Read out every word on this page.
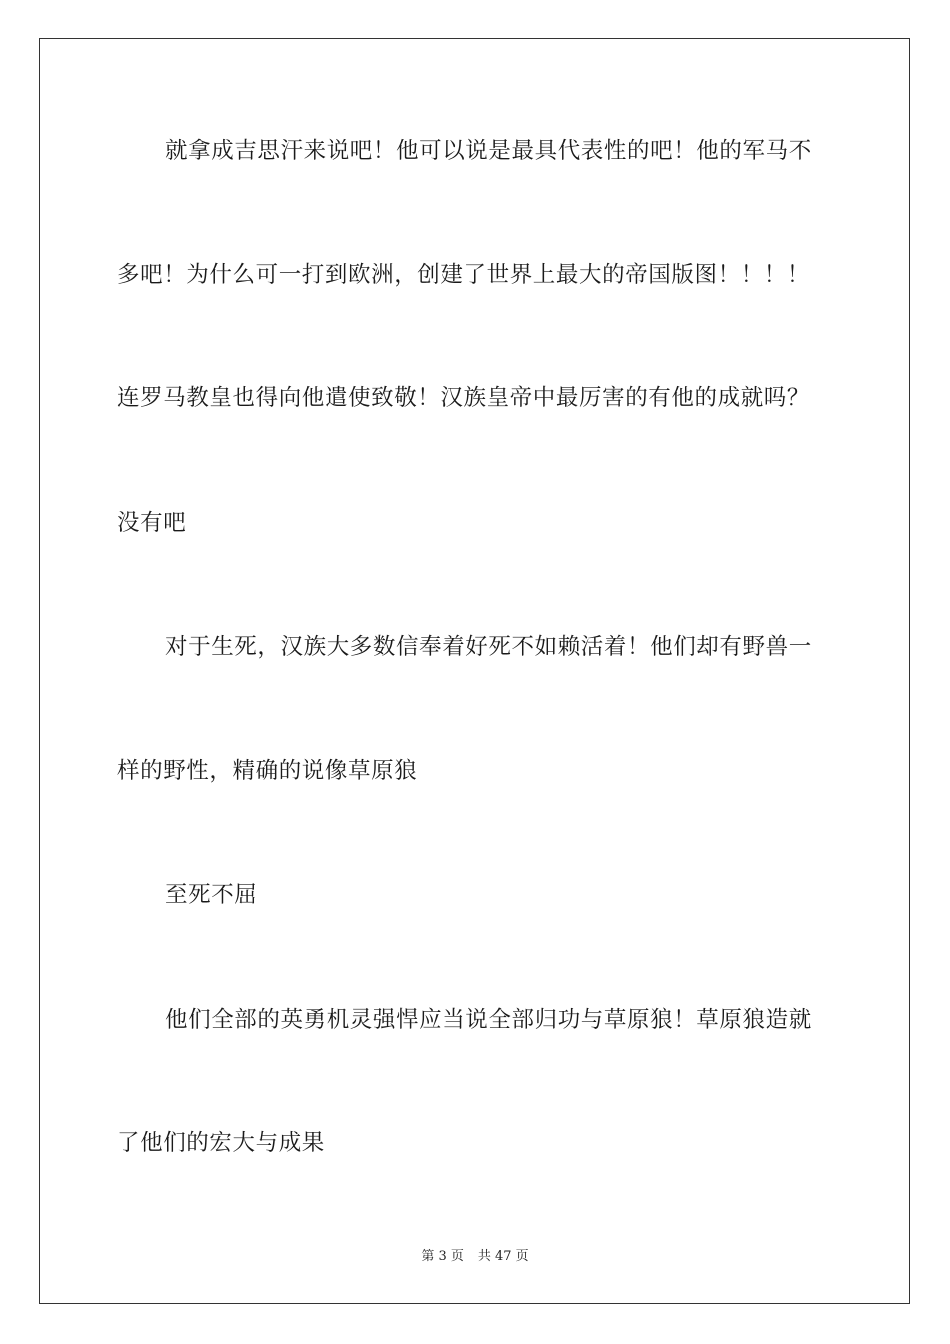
就拿成吉思汗来说吧！他可以说是最具代表性的吧！他的军马不
多吧！为什么可一打到欧洲，创建了世界上最大的帝国版图！！！！
连罗马教皇也得向他遣使致敬！汉族皇帝中最厉害的有他的成就吗？
没有吧
对于生死，汉族大多数信奉着好死不如赖活着！他们却有野兽一
样的野性，精确的说像草原狼
至死不屈
他们全部的英勇机灵强悍应当说全部归功与草原狼！草原狼造就
了他们的宏大与成果
第 3 页 共 47 页
